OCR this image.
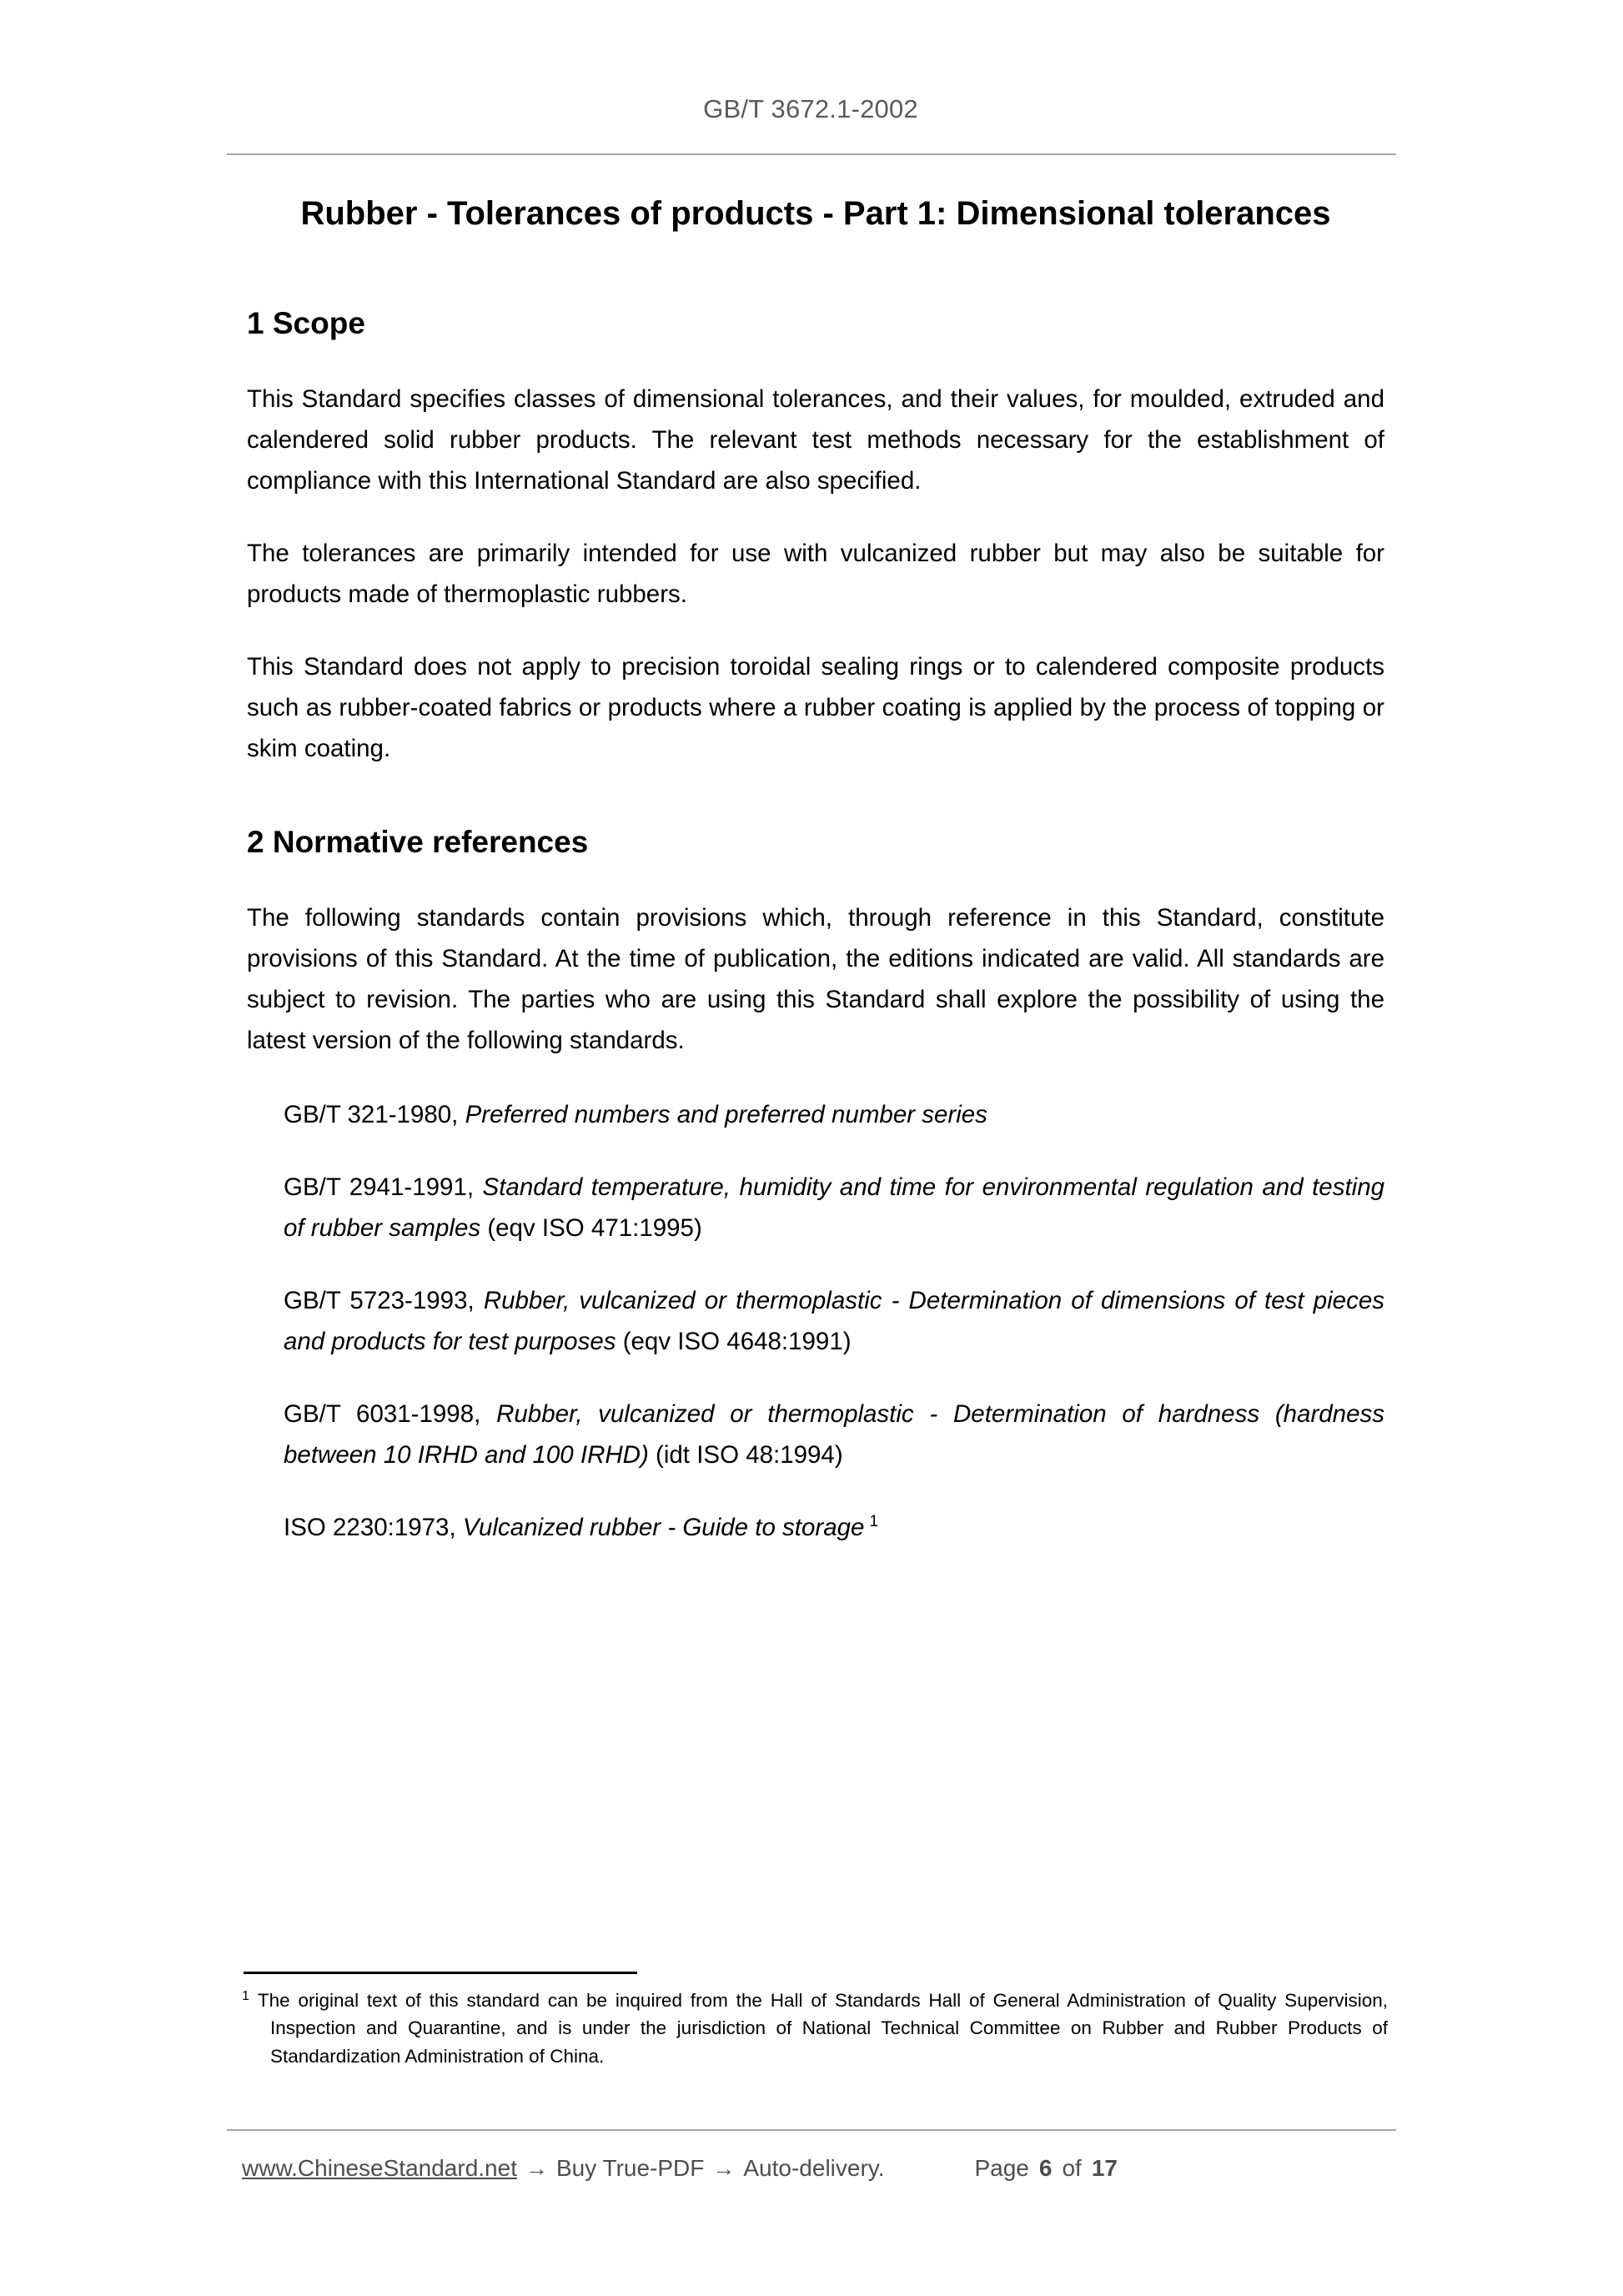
GB/T 3672.1-2002
Rubber - Tolerances of products - Part 1: Dimensional tolerances
1 Scope

This Standard specifies classes of dimensional tolerances, and their values, for moulded, extruded and calendered solid rubber products. The relevant test methods necessary for the establishment of compliance with this International Standard are also specified.

The tolerances are primarily intended for use with vulcanized rubber but may also be suitable for products made of thermoplastic rubbers.

This Standard does not apply to precision toroidal sealing rings or to calendered composite products such as rubber-coated fabrics or products where a rubber coating is applied by the process of topping or skim coating.

2 Normative references

The following standards contain provisions which, through reference in this Standard, constitute provisions of this Standard. At the time of publication, the editions indicated are valid. All standards are subject to revision. The parties who are using this Standard shall explore the possibility of using the latest version of the following standards.

GB/T 321-1980, Preferred numbers and preferred number series

GB/T 2941-1991, Standard temperature, humidity and time for environmental regulation and testing of rubber samples (eqv ISO 471:1995)

GB/T 5723-1993, Rubber, vulcanized or thermoplastic - Determination of dimensions of test pieces and products for test purposes (eqv ISO 4648:1991)

GB/T 6031-1998, Rubber, vulcanized or thermoplastic - Determination of hardness (hardness between 10 IRHD and 100 IRHD) (idt ISO 48:1994)

ISO 2230:1973, Vulcanized rubber - Guide to storage $^1$

$^1$ The original text of this standard can be inquired from the Hall of Standards Hall of General Administration of Quality Supervision, Inspection and Quarantine, and is under the jurisdiction of National Technical Committee on Rubber and Rubber Products of Standardization Administration of China.
www.ChineseStandard.net → Buy True-PDF → Auto-delivery.	Page 6 of 17
